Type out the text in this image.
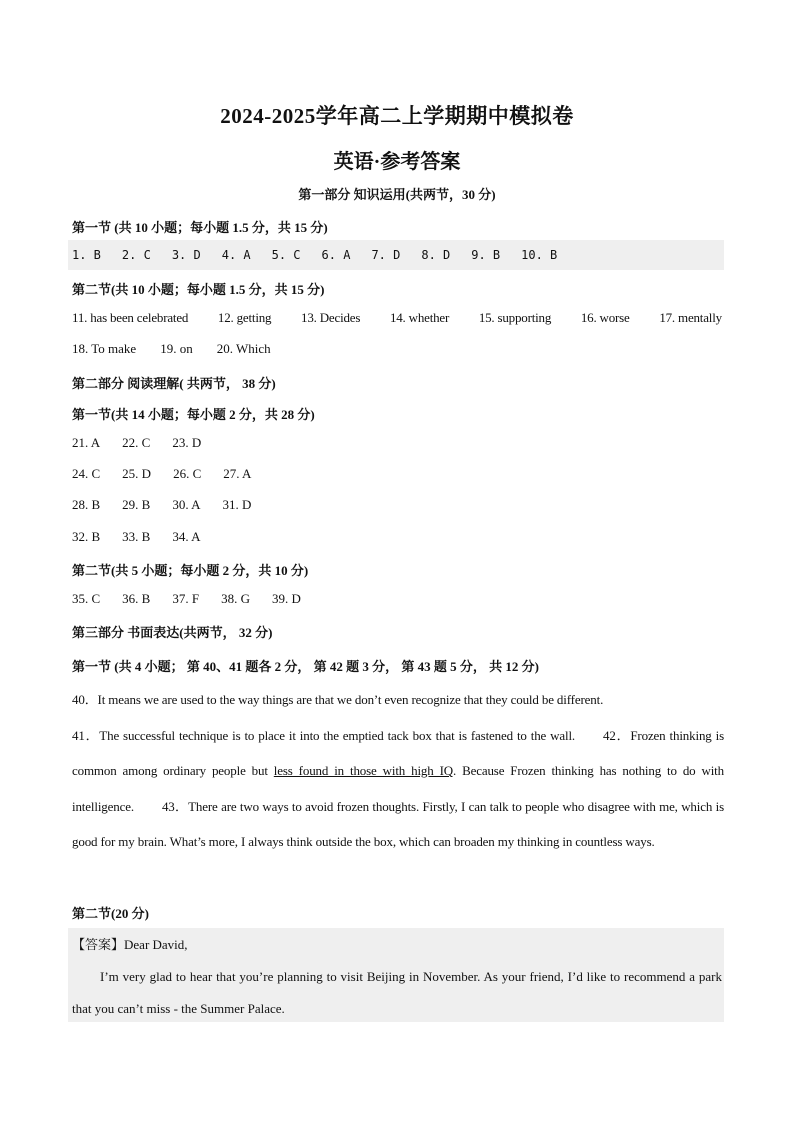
2024-2025学年高二上学期期中模拟卷
英语·参考答案
第一部分 知识运用(共两节，30 分)
第一节 (共 10 小题；每小题 1.5 分，共 15 分)
1. B 2. C 3. D 4. A 5. C 6. A 7. D 8. D 9. B 10. B
第二节(共 10 小题；每小题 1.5 分，共 15 分)
11. has been celebrated 12. getting 13. Decides 14. whether 15. supporting 16. worse 17. mentally
18. To make 19. on 20. Which
第二部分 阅读理解( 共两节， 38 分)
第一节(共 14 小题；每小题 2 分，共 28 分)
21. A 22. C 23. D
24. C 25. D 26. C 27. A
28. B 29. B 30. A 31. D
32. B 33. B 34. A
第二节(共 5 小题；每小题 2 分，共 10 分)
35. C 36. B 37. F 38. G 39. D
第三部分 书面表达(共两节， 32 分)
第一节 (共 4 小题； 第 40、41 题各 2 分， 第 42 题 3 分， 第 43 题 5 分， 共 12 分)
40．It means we are used to the way things are that we don’t even recognize that they could be different.
41．The successful technique is to place it into the emptied tack box that is fastened to the wall. 42．Frozen thinking is common among ordinary people but less found in those with high IQ. Because Frozen thinking has nothing to do with intelligence. 43．There are two ways to avoid frozen thoughts. Firstly, I can talk to people who disagree with me, which is good for my brain. What’s more, I always think outside the box, which can broaden my thinking in countless ways.
第二节(20 分)
【答案】Dear David,
I’m very glad to hear that you’re planning to visit Beijing in November. As your friend, I’d like to recommend a park that you can’t miss - the Summer Palace.
